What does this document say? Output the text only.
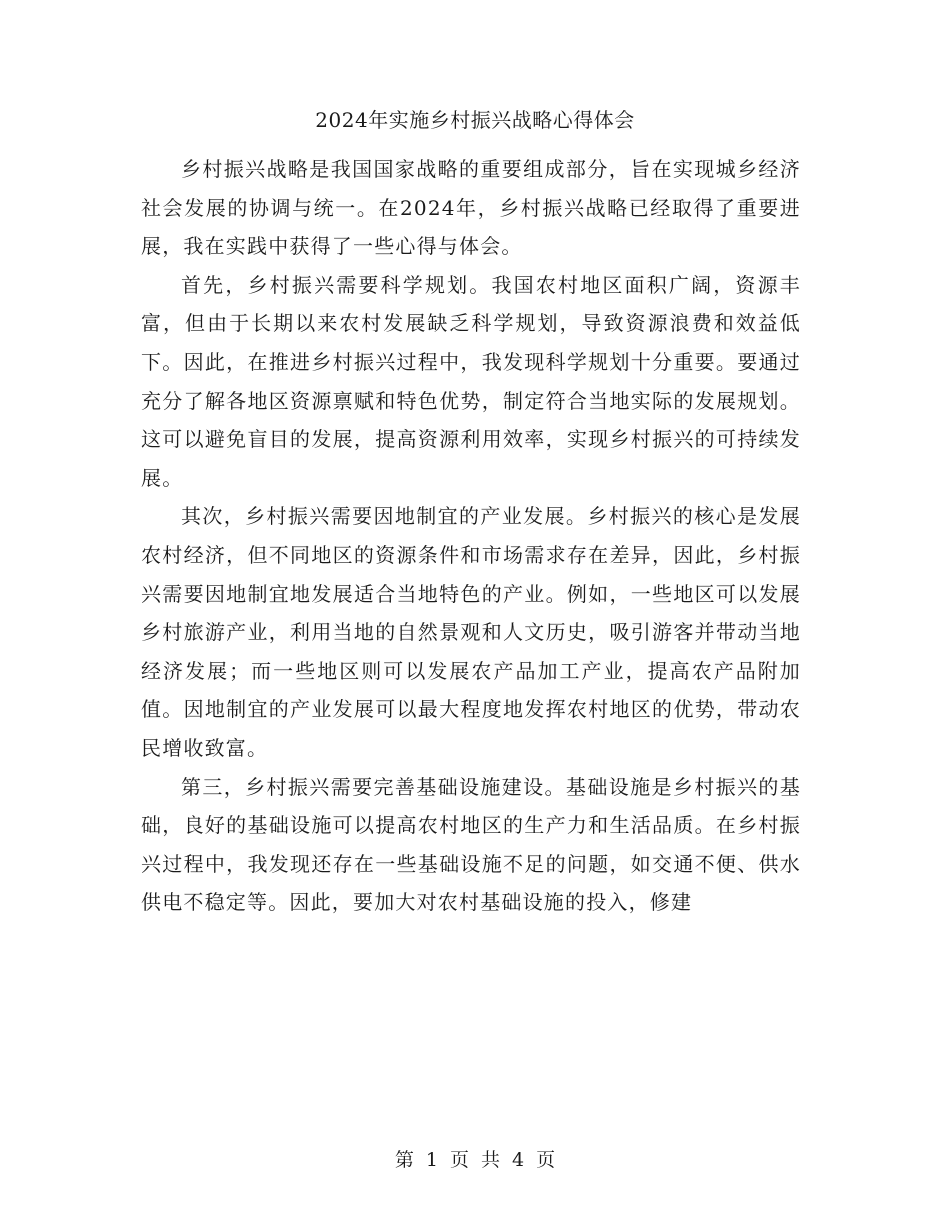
2024年实施乡村振兴战略心得体会

乡村振兴战略是我国国家战略的重要组成部分，旨在实现城乡经济社会发展的协调与统一。在2024年，乡村振兴战略已经取得了重要进展，我在实践中获得了一些心得与体会。

首先，乡村振兴需要科学规划。我国农村地区面积广阔，资源丰富，但由于长期以来农村发展缺乏科学规划，导致资源浪费和效益低下。因此，在推进乡村振兴过程中，我发现科学规划十分重要。要通过充分了解各地区资源禀赋和特色优势，制定符合当地实际的发展规划。这可以避免盲目的发展，提高资源利用效率，实现乡村振兴的可持续发展。

其次，乡村振兴需要因地制宜的产业发展。乡村振兴的核心是发展农村经济，但不同地区的资源条件和市场需求存在差异，因此，乡村振兴需要因地制宜地发展适合当地特色的产业。例如，一些地区可以发展乡村旅游产业，利用当地的自然景观和人文历史，吸引游客并带动当地经济发展；而一些地区则可以发展农产品加工产业，提高农产品附加值。因地制宜的产业发展可以最大程度地发挥农村地区的优势，带动农民增收致富。

第三，乡村振兴需要完善基础设施建设。基础设施是乡村振兴的基础，良好的基础设施可以提高农村地区的生产力和生活品质。在乡村振兴过程中，我发现还存在一些基础设施不足的问题，如交通不便、供水供电不稳定等。因此，要加大对农村基础设施的投入，修建

第 1 页 共 4 页
